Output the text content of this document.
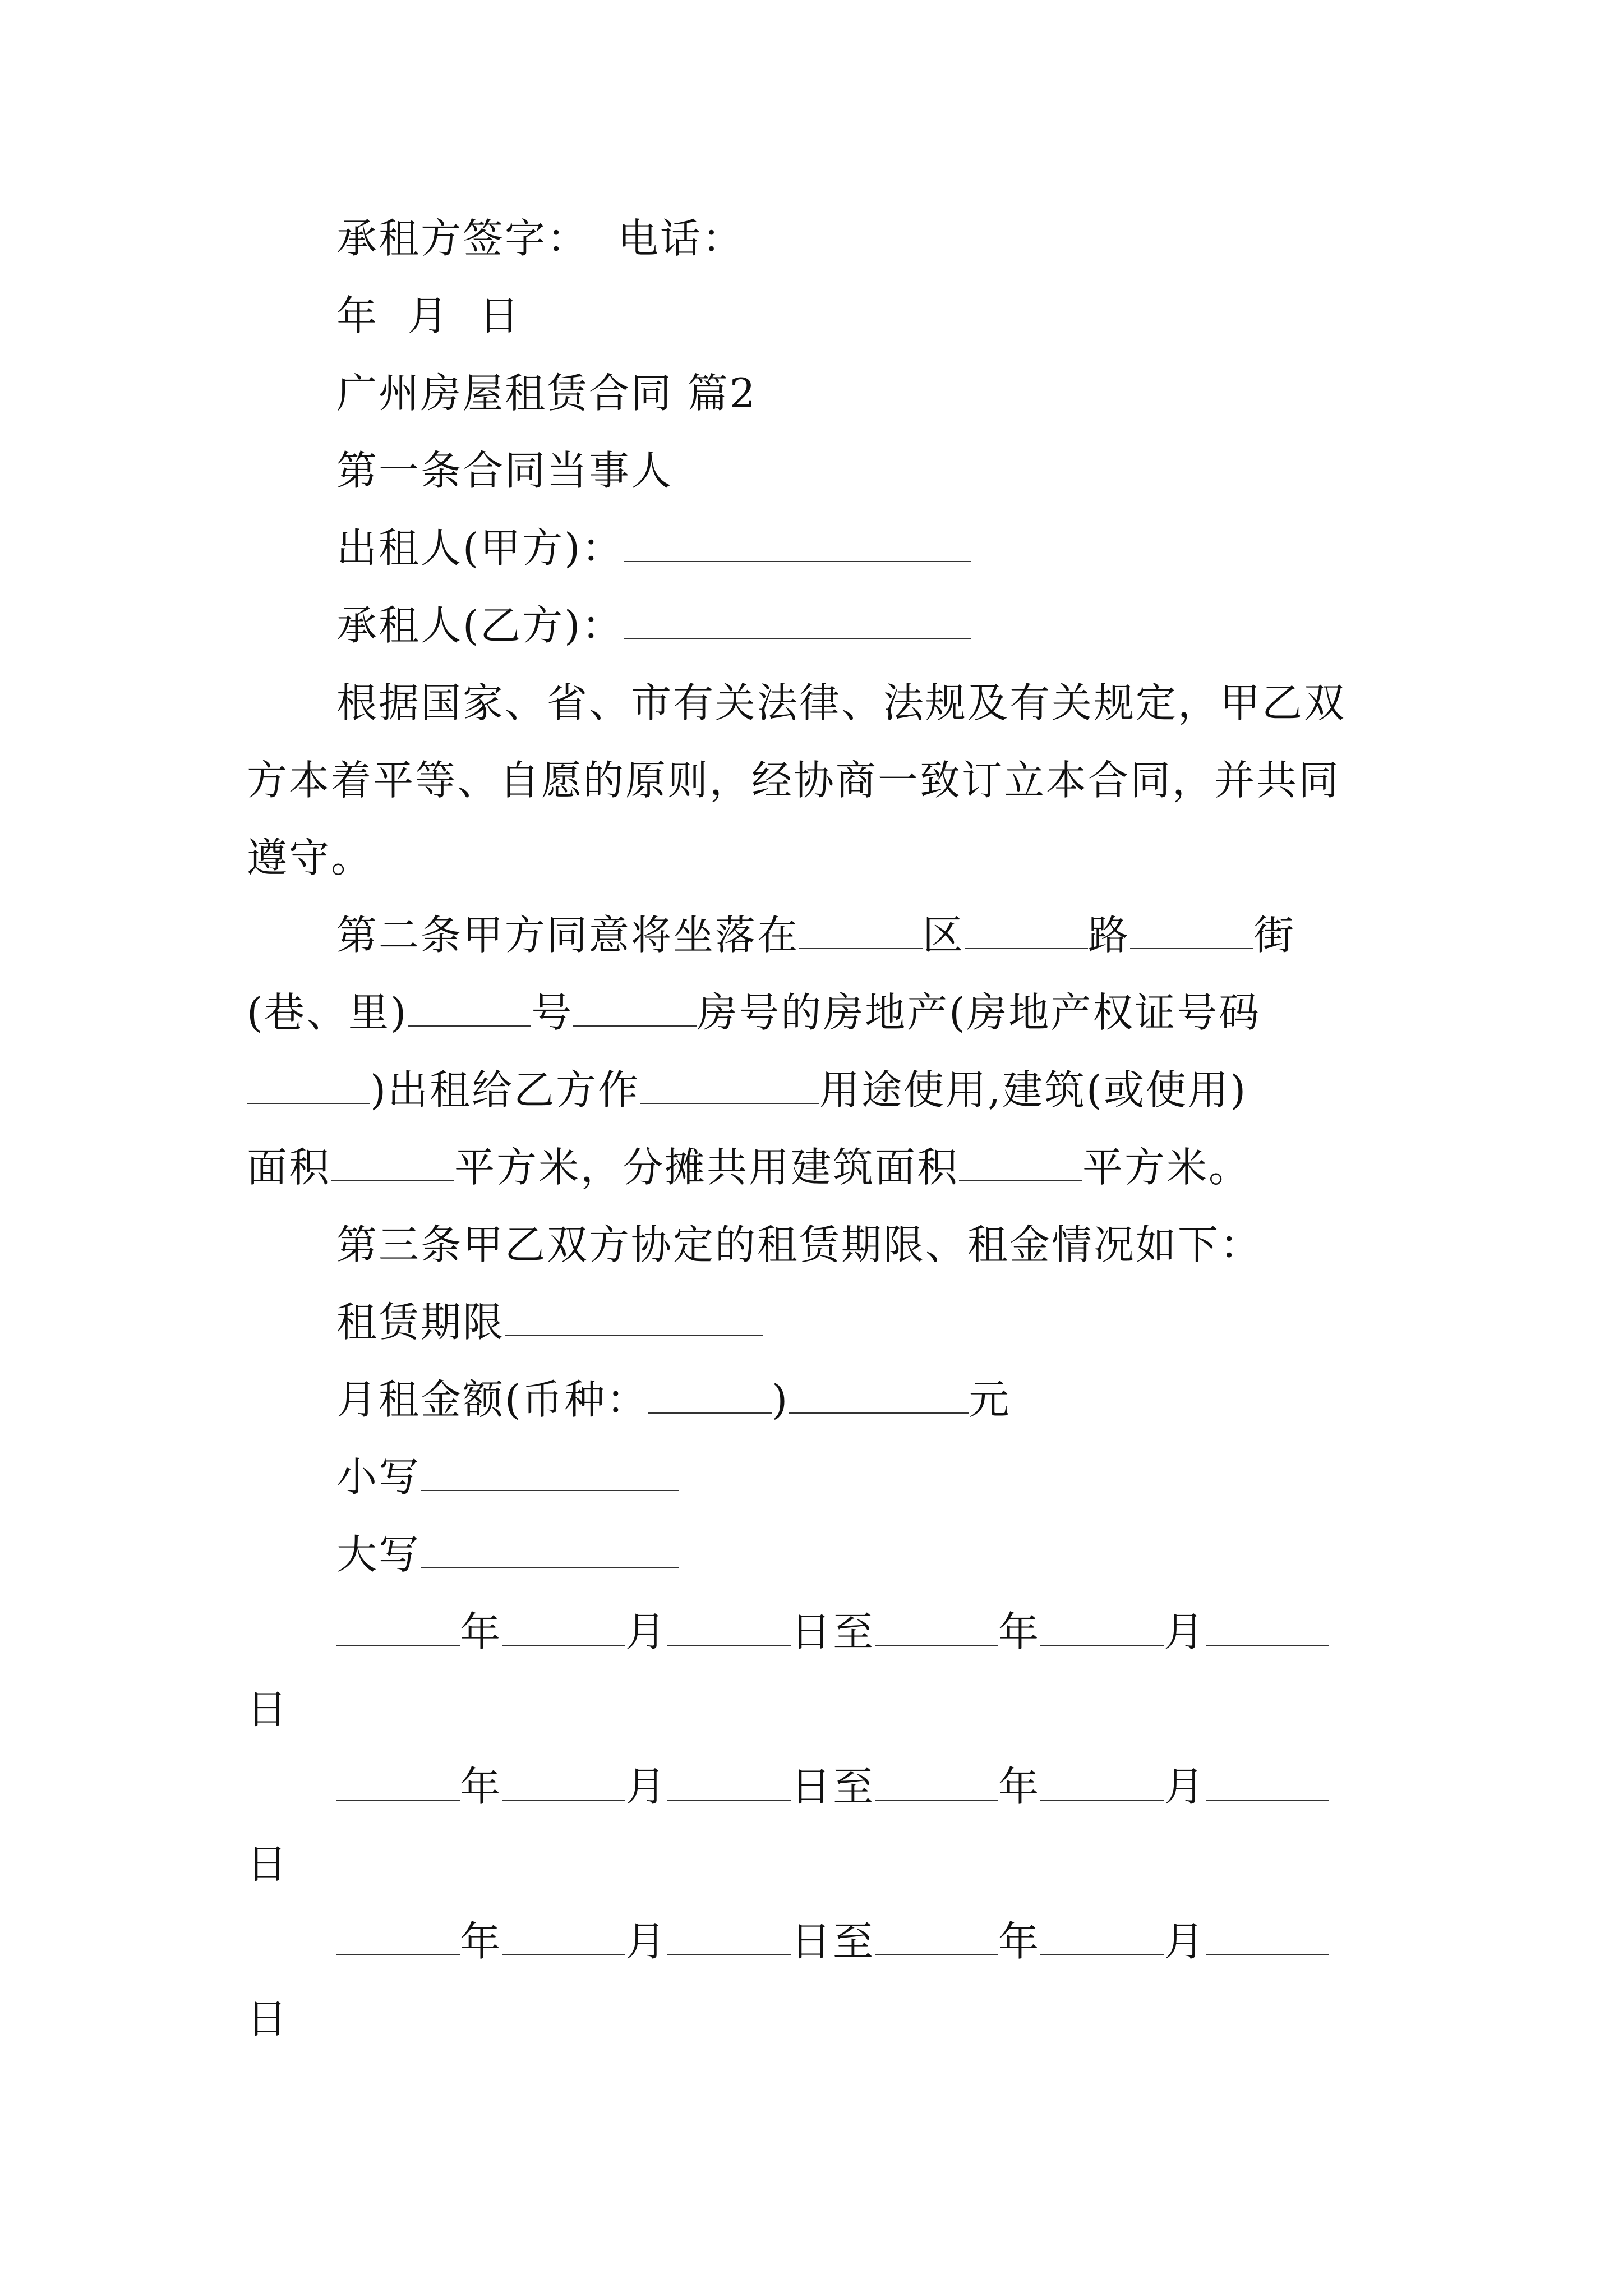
承租方签字： 电话：
年 月 日
广州房屋租赁合同 篇2
第一条合同当事人
出租人(甲方)：
承租人(乙方)：
根据国家、省、市有关法律、法规及有关规定，甲乙双
方本着平等、自愿的原则，经协商一致订立本合同，并共同
遵守。
第二条甲方同意将坐落在	区	路	街
(巷、里)	号	房号的房地产(房地产权证号码
)出租给乙方作	用途使用,建筑(或使用)
面积	平方米，分摊共用建筑面积	平方米。
第三条甲乙双方协定的租赁期限、租金情况如下：
租赁期限
月租金额(币种：	)	元
小写
大写
年	月	日至	年	月
日
年	月	日至	年	月
日
年	月	日至	年	月
日
